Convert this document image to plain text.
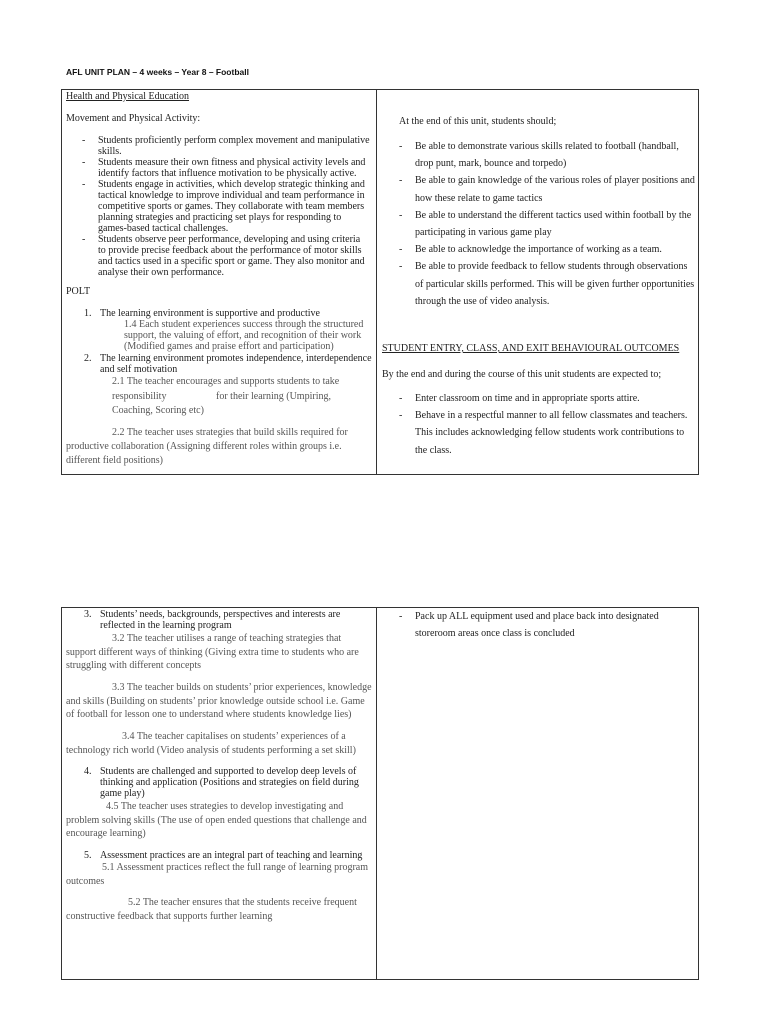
AFL UNIT PLAN – 4 weeks – Year 8 – Football

Health and Physical Education

Movement and Physical Activity:

- Students proficiently perform complex movement and manipulative skills.
- Students measure their own fitness and physical activity levels and identify factors that influence motivation to be physically active.
- Students engage in activities, which develop strategic thinking and tactical knowledge to improve individual and team performance in competitive sports or games. They collaborate with team members planning strategies and practicing set plays for responding to games-based tactical challenges.
- Students observe peer performance, developing and using criteria to provide precise feedback about the performance of motor skills and tactics used in a specific sport or game. They also monitor and analyse their own performance.

POLT

1. The learning environment is supportive and productive

1.4 Each student experiences success through the structured support, the valuing of effort, and recognition of their work (Modified games and praise effort and participation)

2. The learning environment promotes independence, interdependence and self motivation

2.1 The teacher encourages and supports students to take

responsibility	for their learning (Umpiring,

Coaching, Scoring etc)

2.2 The teacher uses strategies that build skills required for

productive collaboration (Assigning different roles within groups i.e.

different field positions)

At the end of this unit, students should;

- Be able to demonstrate various skills related to football (handball, drop punt, mark, bounce and torpedo)
- Be able to gain knowledge of the various roles of player positions and how these relate to game tactics
- Be able to understand the different tactics used within football by the participating in various game play
- Be able to acknowledge the importance of working as a team.
- Be able to provide feedback to fellow students through observations of particular skills performed. This will be given further opportunities through the use of video analysis.

STUDENT ENTRY, CLASS, AND EXIT BEHAVIOURAL OUTCOMES

By the end and during the course of this unit students are expected to;

- Enter classroom on time and in appropriate sports attire.
- Behave in a respectful manner to all fellow classmates and teachers. This includes acknowledging fellow students work contributions to the class.

3. Students’ needs, backgrounds, perspectives and interests are reflected in the learning program

3.2 The teacher utilises a range of teaching strategies that support different ways of thinking (Giving extra time to students who are struggling with different concepts

3.3 The teacher builds on students’ prior experiences, knowledge and skills (Building on students’ prior knowledge outside school i.e. Game of football for lesson one to understand where students knowledge lies)

3.4 The teacher capitalises on students’ experiences of a technology rich world (Video analysis of students performing a set skill)

4. Students are challenged and supported to develop deep levels of thinking and application (Positions and strategies on field during game play)

4.5 The teacher uses strategies to develop investigating and problem solving skills (The use of open ended questions that challenge and encourage learning)

5. Assessment practices are an integral part of teaching and learning

5.1 Assessment practices reflect the full range of learning program outcomes

5.2 The teacher ensures that the students receive frequent constructive feedback that supports further learning

- Pack up ALL equipment used and place back into designated storeroom areas once class is concluded
